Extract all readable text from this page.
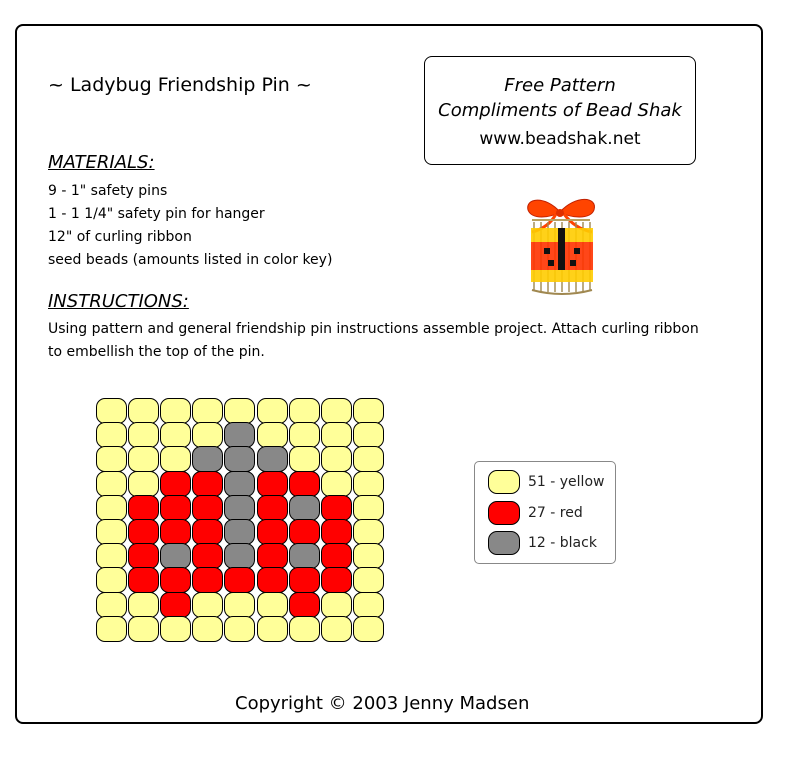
~ Ladybug Friendship Pin ~	Free Pattern
Compliments of Bead Shak
www.beadshak.net
MATERIALS:
9 - 1" safety pins
1 - 1 1/4" safety pin for hanger
12" of curling ribbon
seed beads (amounts listed in color key)
INSTRUCTIONS:
Using pattern and general friendship pin instructions assemble project. Attach curling ribbon to embellish the top of the pin.
51 - yellow
27 - red
12 - black
Copyright © 2003 Jenny Madsen
